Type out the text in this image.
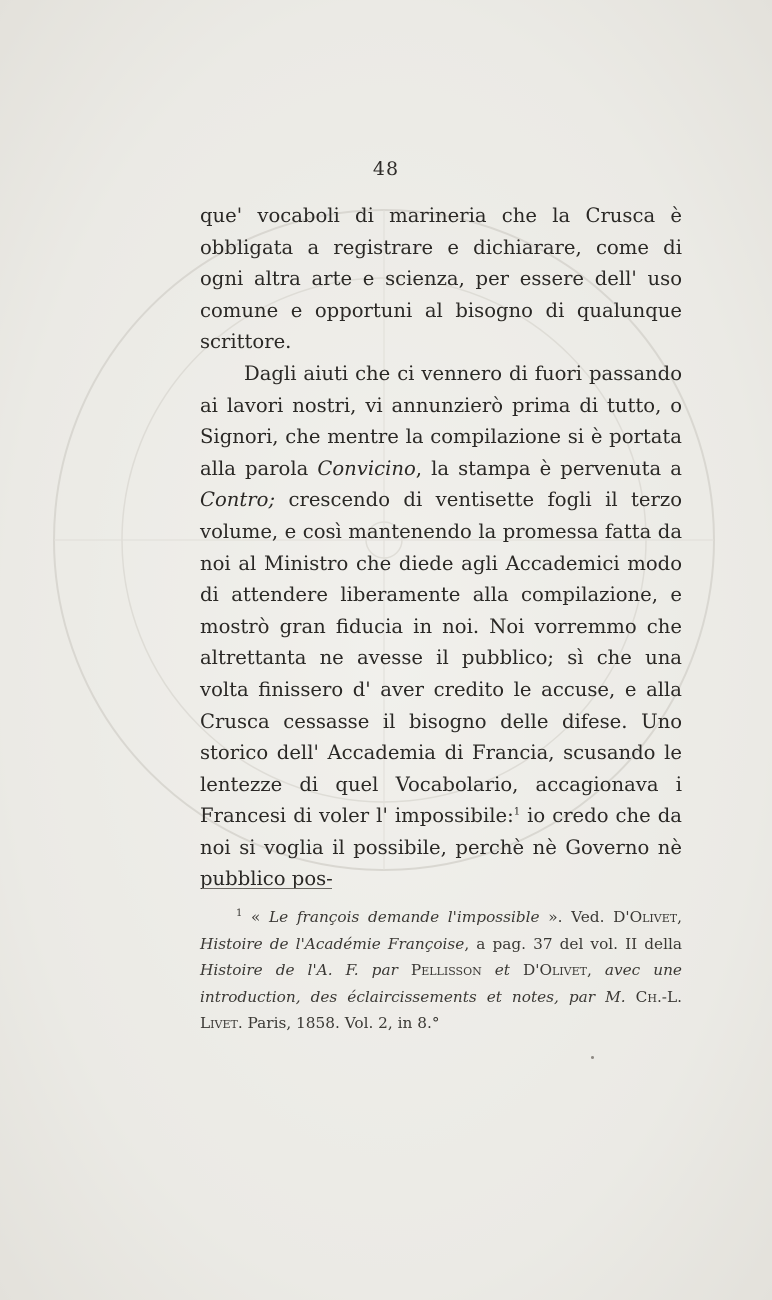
48

que' vocaboli di marineria che la Crusca è obbligata a registrare e dichiarare, come di ogni altra arte e scienza, per essere dell' uso comune e opportuni al bisogno di qualunque scrittore.

Dagli aiuti che ci vennero di fuori passando ai lavori nostri, vi annunzierò prima di tutto, o Signori, che mentre la compilazione si è portata alla parola Convicino, la stampa è pervenuta a Contro; crescendo di ventisette fogli il terzo volume, e così mantenendo la promessa fatta da noi al Ministro che diede agli Accademici modo di attendere liberamente alla compilazione, e mostrò gran fiducia in noi. Noi vorremmo che altrettanta ne avesse il pubblico; sì che una volta finissero d' aver credito le accuse, e alla Crusca cessasse il bisogno delle difese. Uno storico dell' Accademia di Francia, scusando le lentezze di quel Vocabolario, accagionava i Francesi di voler l' impossibile:$^1$ io credo che da noi si voglia il possibile, perchè nè Governo nè pubblico pos-

$^1$ « Le françois demande l'impossible ». Ved. D'Olivet, Histoire de l'Académie Françoise, a pag. 37 del vol. II della Histoire de l'A. F. par Pellisson et D'Olivet, avec une introduction, des éclaircissements et notes, par M. Ch.-L. Livet. Paris, 1858. Vol. 2, in 8.°
